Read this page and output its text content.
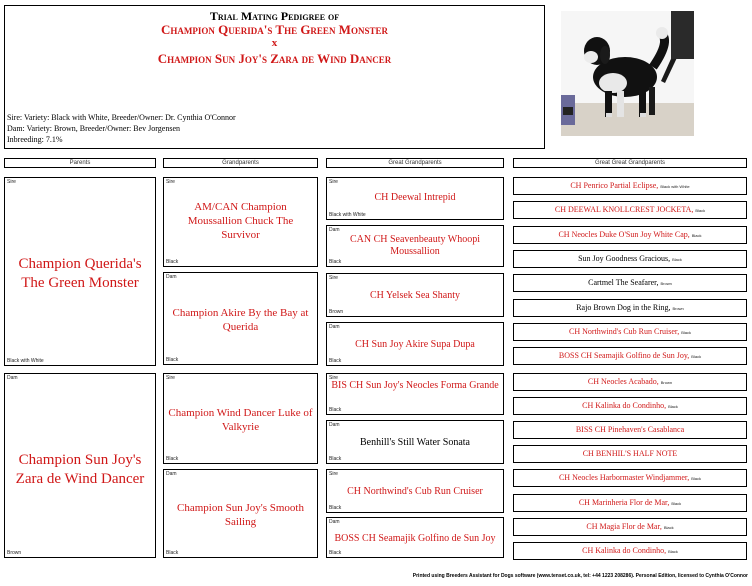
Trial Mating Pedigree of
Champion Querida's The Green Monster
x
Champion Sun Joy's Zara de Wind Dancer
Sire: Variety: Black with White, Breeder/Owner: Dr. Cynthia O'Connor
Dam: Variety: Brown, Breeder/Owner: Bev Jorgensen
Inbreeding: 7.1%
Parents	Grandparents	Great Grandparents	Great Great Grandparents
Sire
Champion Querida's The Green Monster
Black with White
Dam
Champion Sun Joy's Zara de Wind Dancer
Brown
Sire
AM/CAN Champion Moussallion Chuck The Survivor
Black
Dam
Champion Akire By the Bay at Querida
Black
Sire
Champion Wind Dancer Luke of Valkyrie
Black
Dam
Champion Sun Joy's Smooth Sailing
Black
Sire
CH Deewal Intrepid
Black with White
Dam
CAN CH Seavenbeauty Whoopi Moussallion
Black
Sire
CH Yelsek Sea Shanty
Brown
Dam
CH Sun Joy Akire Supa Dupa
Black
Sire
BIS CH Sun Joy's Neocles Forma Grande
Black
Dam
Benhill's Still Water Sonata
Black
Sire
CH Northwind's Cub Run Cruiser
Black
Dam
BOSS CH Seamajik Golfino de Sun Joy
Black
CH Penrico Partial Eclipse, Black with White
CH DEEWAL KNOLLCREST JOCKETA, Black
CH Neocles Duke O'Sun Joy White Cap, Black
Sun Joy Goodness Gracious, Black
Cartmel The Seafarer, Brown
Rajo Brown Dog in the Ring, Brown
CH Northwind's Cub Run Cruiser, Black
BOSS CH Seamajik Golfino de Sun Joy, Black
CH Neocles Acabado, Brown
CH Kalinka do Condinho, Black
BISS CH Pinehaven's Casablanca
CH BENHIL'S HALF NOTE
CH Neocles Harbormaster Windjammer, Black
CH Marinheria Flor de Mar, Black
CH Magia Flor de Mar, Black
CH Kalinka do Condinho, Black
Printed using Breeders Assistant for Dogs software (www.tenset.co.uk, tel: +44 1223 208286). Personal Edition, licensed to Cynthia O'Connor
